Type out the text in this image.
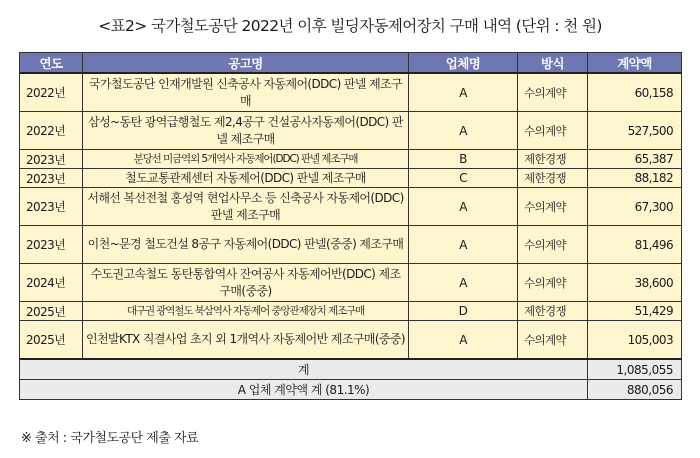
<표2> 국가철도공단 2022년 이후 빌딩자동제어장치 구매 내역 (단위 : 천 원)
연도	공고명	업체명	방식	계약액
2022년	국가철도공단 인재개발원 신축공사 자동제어(DDC) 판넬 제조구매	A	수의계약	60,158
2022년	삼성~동탄 광역급행철도 제2,4공구 건설공사자동제어(DDC) 판넬 제조구매	A	수의계약	527,500
2023년	분당선 미금역외 5개역사 자동제어(DDC) 판넬 제조구매	B	제한경쟁	65,387
2023년	철도교통관제센터 자동제어(DDC) 판넬 제조구매	C	제한경쟁	88,182
2023년	서해선 복선전철 홍성역 현업사무소 등 신축공사 자동제어(DDC)판넬 제조구매	A	수의계약	67,300
2023년	이천~문경 철도건설 8공구 자동제어(DDC) 판넬(중중) 제조구매	A	수의계약	81,496
2024년	수도권고속철도 동탄통합역사 잔여공사 자동제어반(DDC) 제조구매(중중)	A	수의계약	38,600
2025년	대구권 광역철도 북삼역사 자동제어 중앙관제장치 제조구매	D	제한경쟁	51,429
2025년	인천발KTX 직결사업 초지 외 1개역사 자동제어반 제조구매(중중)	A	수의계약	105,003
계				1,085,055
A 업체 계약액 계 (81.1%)				880,056
※ 출처 : 국가철도공단 제출 자료
